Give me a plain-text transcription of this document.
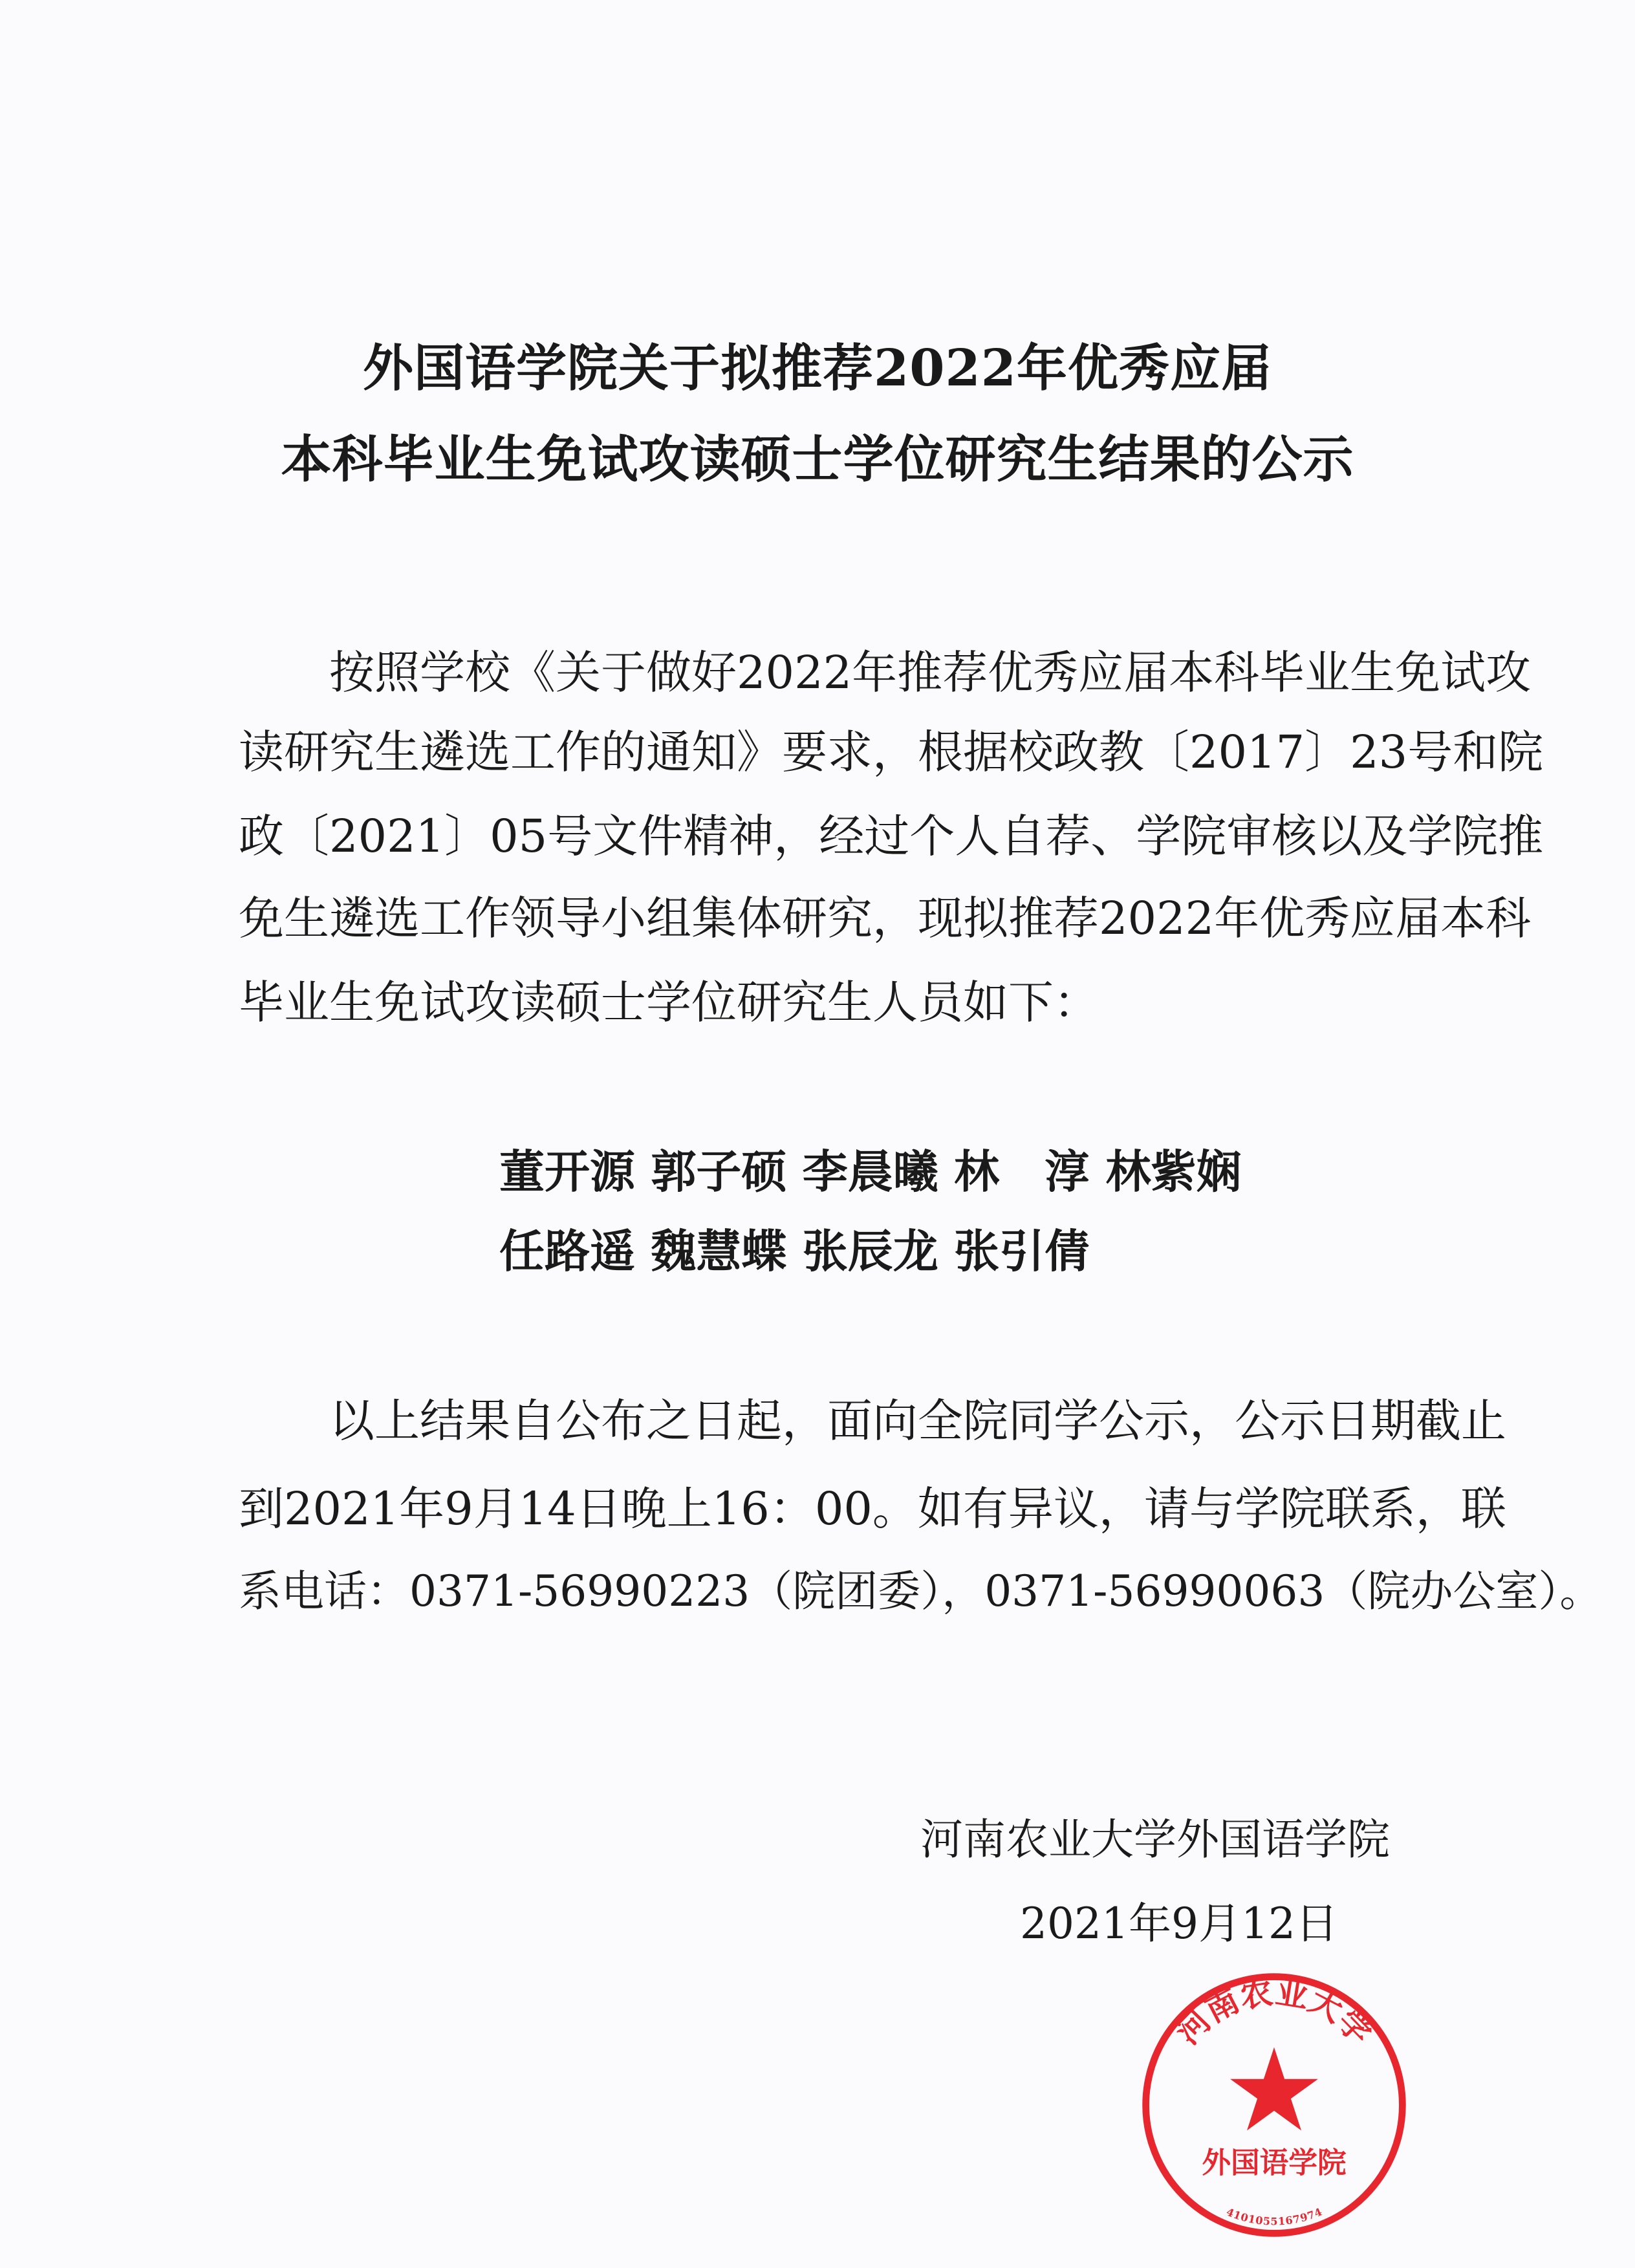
外国语学院关于拟推荐2022年优秀应届
本科毕业生免试攻读硕士学位研究生结果的公示
　　按照学校《关于做好2022年推荐优秀应届本科毕业生免试攻
读研究生遴选工作的通知》要求，根据校政教〔2017〕23号和院
政〔2021〕05号文件精神，经过个人自荐、学院审核以及学院推
免生遴选工作领导小组集体研究，现拟推荐2022年优秀应届本科
毕业生免试攻读硕士学位研究生人员如下：
董开源 郭子硕 李晨曦 林　淳 林紫娴
任路遥 魏慧蝶 张辰龙 张引倩
　　以上结果自公布之日起，面向全院同学公示，公示日期截止
到2021年9月14日晚上16：00。如有异议，请与学院联系，联
系电话：0371-56990223（院团委），0371-56990063（院办公室）。
河南农业大学外国语学院
2021年9月12日
河南农业大学
外国语学院
4101055167974
